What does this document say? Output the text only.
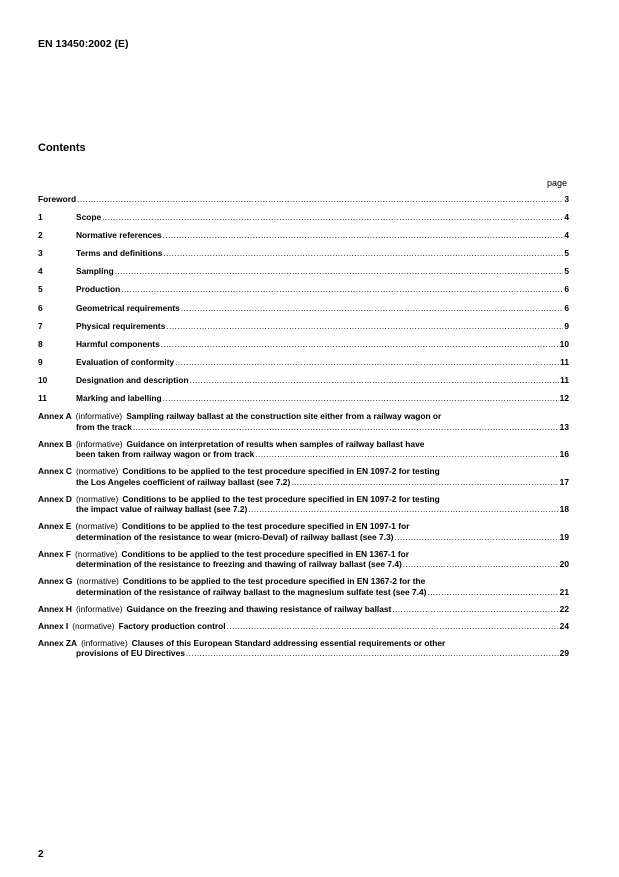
EN 13450:2002 (E)
Contents
page
Foreword .....	3
1	Scope .....	4
2	Normative references .....	4
3	Terms and definitions .....	5
4	Sampling .....	5
5	Production .....	6
6	Geometrical requirements .....	6
7	Physical requirements .....	9
8	Harmful components .....	10
9	Evaluation of conformity .....	11
10	Designation and description .....	11
11	Marking and labelling .....	12
Annex A (informative) Sampling railway ballast at the construction site either from a railway wagon or
from the track .....	13
Annex B (informative) Guidance on interpretation of results when samples of railway ballast have
been taken from railway wagon or from track .....	16
Annex C (normative) Conditions to be applied to the test procedure specified in EN 1097-2 for testing
the Los Angeles coefficient of railway ballast (see 7.2) .....	17
Annex D (normative) Conditions to be applied to the test procedure specified in EN 1097-2 for testing
the impact value of railway ballast (see 7.2) .....	18
Annex E (normative) Conditions to be applied to the test procedure specified in EN 1097-1 for
determination of the resistance to wear (micro-Deval) of railway ballast (see 7.3) .....	19
Annex F (normative) Conditions to be applied to the test procedure specified in EN 1367-1 for
determination of the resistance to freezing and thawing of railway ballast (see 7.4) .....	20
Annex G (normative) Conditions to be applied to the test procedure specified in EN 1367-2 for the
determination of the resistance of railway ballast to the magnesium sulfate test (see 7.4) .....	21
Annex H (informative) Guidance on the freezing and thawing resistance of railway ballast .....	22
Annex I (normative) Factory production control .....	24
Annex ZA (informative) Clauses of this European Standard addressing essential requirements or other
provisions of EU Directives .....	29
2
